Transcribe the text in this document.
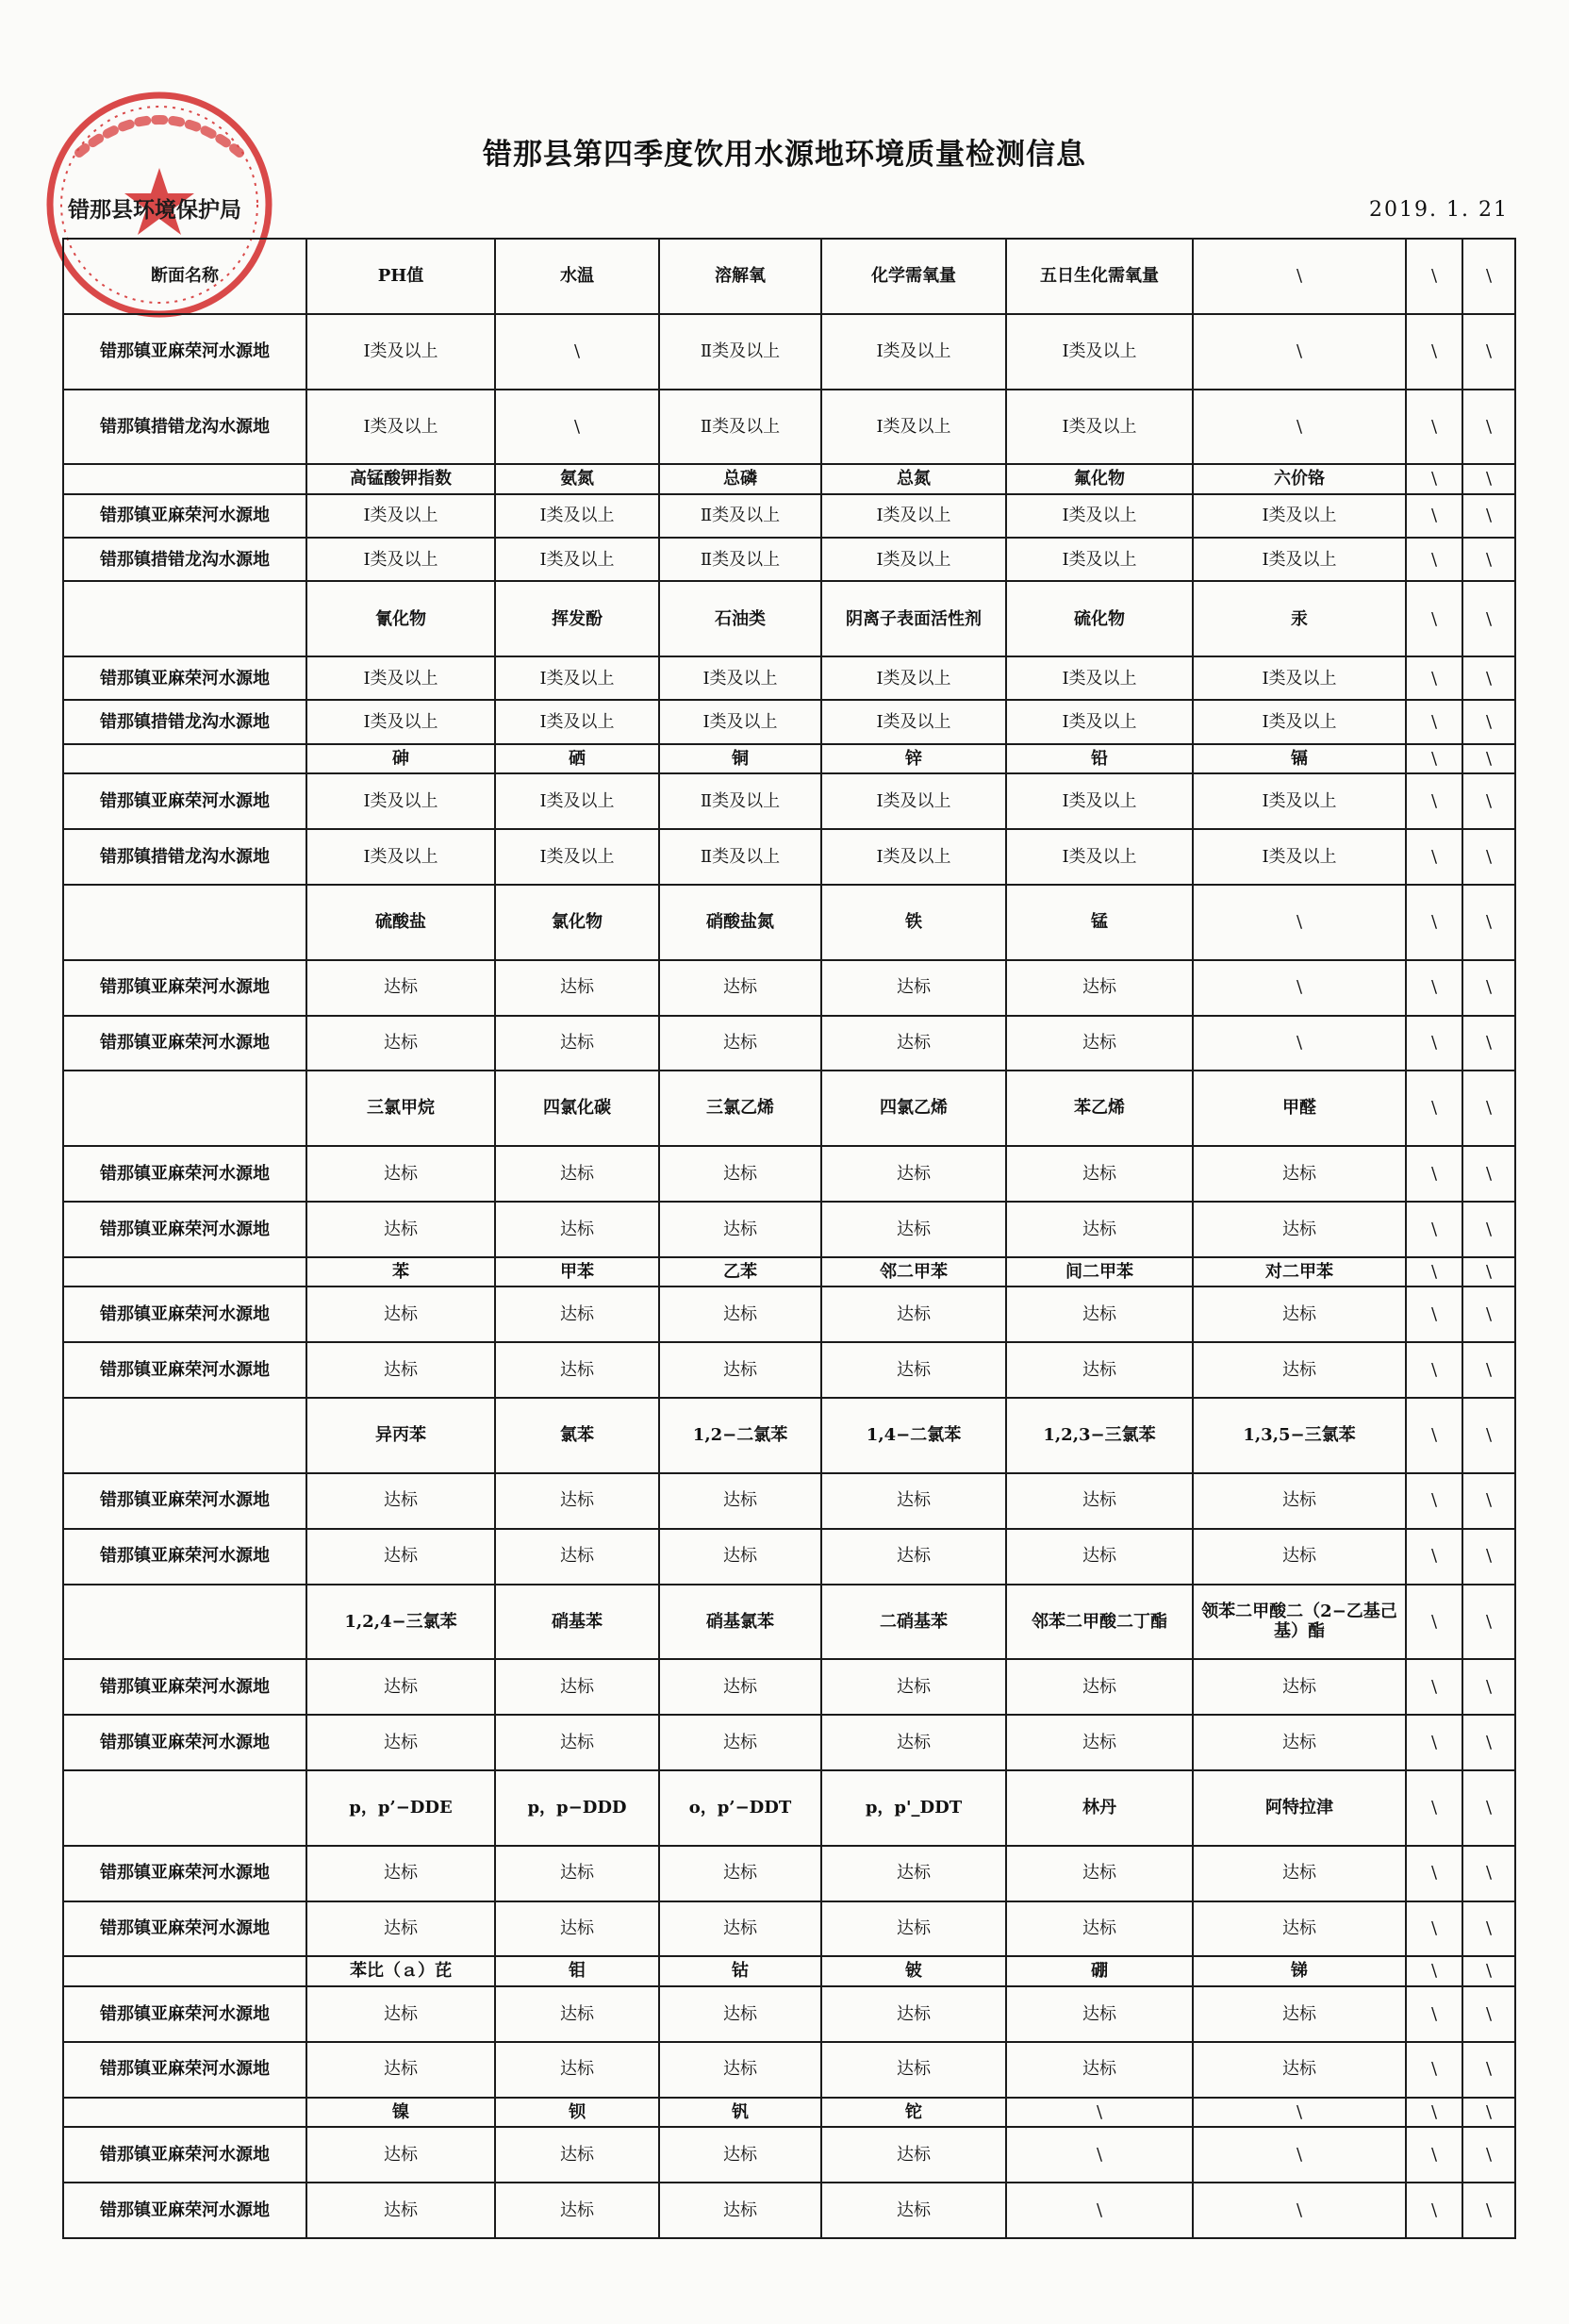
错那县环境保护局
错那县第四季度饮用水源地环境质量检测信息
2019. 1. 21
断面名称	PH值	水温	溶解氧	化学需氧量	五日生化需氧量	\	\	\
错那镇亚麻荣河水源地	Ⅰ类及以上	\	Ⅱ类及以上	Ⅰ类及以上	Ⅰ类及以上	\	\	\
错那镇措错龙沟水源地	Ⅰ类及以上	\	Ⅱ类及以上	Ⅰ类及以上	Ⅰ类及以上	\	\	\
	高锰酸钾指数	氨氮	总磷	总氮	氟化物	六价铬	\	\
错那镇亚麻荣河水源地	Ⅰ类及以上	Ⅰ类及以上	Ⅱ类及以上	Ⅰ类及以上	Ⅰ类及以上	Ⅰ类及以上	\	\
错那镇措错龙沟水源地	Ⅰ类及以上	Ⅰ类及以上	Ⅱ类及以上	Ⅰ类及以上	Ⅰ类及以上	Ⅰ类及以上	\	\
	氰化物	挥发酚	石油类	阴离子表面活性剂	硫化物	汞	\	\
错那镇亚麻荣河水源地	Ⅰ类及以上	Ⅰ类及以上	Ⅰ类及以上	Ⅰ类及以上	Ⅰ类及以上	Ⅰ类及以上	\	\
错那镇措错龙沟水源地	Ⅰ类及以上	Ⅰ类及以上	Ⅰ类及以上	Ⅰ类及以上	Ⅰ类及以上	Ⅰ类及以上	\	\
	砷	硒	铜	锌	铅	镉	\	\
错那镇亚麻荣河水源地	Ⅰ类及以上	Ⅰ类及以上	Ⅱ类及以上	Ⅰ类及以上	Ⅰ类及以上	Ⅰ类及以上	\	\
错那镇措错龙沟水源地	Ⅰ类及以上	Ⅰ类及以上	Ⅱ类及以上	Ⅰ类及以上	Ⅰ类及以上	Ⅰ类及以上	\	\
	硫酸盐	氯化物	硝酸盐氮	铁	锰	\	\	\
错那镇亚麻荣河水源地	达标	达标	达标	达标	达标	\	\	\
错那镇亚麻荣河水源地	达标	达标	达标	达标	达标	\	\	\
	三氯甲烷	四氯化碳	三氯乙烯	四氯乙烯	苯乙烯	甲醛	\	\
错那镇亚麻荣河水源地	达标	达标	达标	达标	达标	达标	\	\
错那镇亚麻荣河水源地	达标	达标	达标	达标	达标	达标	\	\
	苯	甲苯	乙苯	邻二甲苯	间二甲苯	对二甲苯	\	\
错那镇亚麻荣河水源地	达标	达标	达标	达标	达标	达标	\	\
错那镇亚麻荣河水源地	达标	达标	达标	达标	达标	达标	\	\
	异丙苯	氯苯	1,2−二氯苯	1,4−二氯苯	1,2,3−三氯苯	1,3,5−三氯苯	\	\
错那镇亚麻荣河水源地	达标	达标	达标	达标	达标	达标	\	\
错那镇亚麻荣河水源地	达标	达标	达标	达标	达标	达标	\	\
	1,2,4−三氯苯	硝基苯	硝基氯苯	二硝基苯	邻苯二甲酸二丁酯	领苯二甲酸二（2−乙基己基）酯	\	\
错那镇亚麻荣河水源地	达标	达标	达标	达标	达标	达标	\	\
错那镇亚麻荣河水源地	达标	达标	达标	达标	达标	达标	\	\
	p，p’−DDE	p，p−DDD	o，p’−DDT	p，p'_DDT	林丹	阿特拉津	\	\
错那镇亚麻荣河水源地	达标	达标	达标	达标	达标	达标	\	\
错那镇亚麻荣河水源地	达标	达标	达标	达标	达标	达标	\	\
	苯比（ａ）芘	钼	钴	铍	硼	锑	\	\
错那镇亚麻荣河水源地	达标	达标	达标	达标	达标	达标	\	\
错那镇亚麻荣河水源地	达标	达标	达标	达标	达标	达标	\	\
	镍	钡	钒	铊	\	\	\	\
错那镇亚麻荣河水源地	达标	达标	达标	达标	\	\	\	\
错那镇亚麻荣河水源地	达标	达标	达标	达标	\	\	\	\
